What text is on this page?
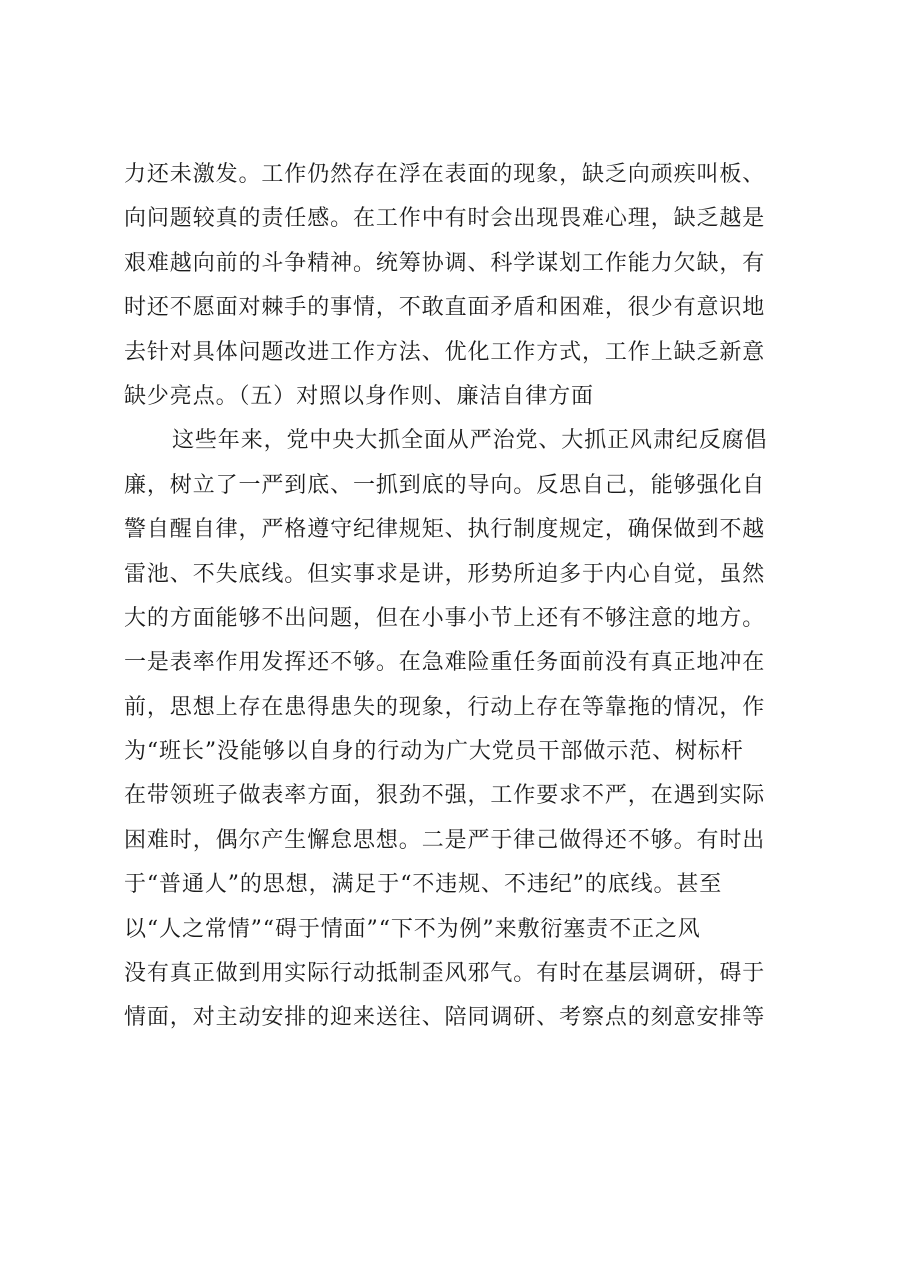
力还未激发。工作仍然存在浮在表面的现象，缺乏向顽疾叫板、
向问题较真的责任感。在工作中有时会出现畏难心理，缺乏越是
艰难越向前的斗争精神。统筹协调、科学谋划工作能力欠缺，有
时还不愿面对棘手的事情，不敢直面矛盾和困难，很少有意识地
去针对具体问题改进工作方法、优化工作方式，工作上缺乏新意
缺少亮点。（五）对照以身作则、廉洁自律方面
这些年来，党中央大抓全面从严治党、大抓正风肃纪反腐倡
廉，树立了一严到底、一抓到底的导向。反思自己，能够强化自
警自醒自律，严格遵守纪律规矩、执行制度规定，确保做到不越
雷池、不失底线。但实事求是讲，形势所迫多于内心自觉，虽然
大的方面能够不出问题，但在小事小节上还有不够注意的地方。
一是表率作用发挥还不够。在急难险重任务面前没有真正地冲在
前，思想上存在患得患失的现象，行动上存在等靠拖的情况，作
为“班长”没能够以自身的行动为广大党员干部做示范、树标杆
在带领班子做表率方面，狠劲不强，工作要求不严，在遇到实际
困难时，偶尔产生懈怠思想。二是严于律己做得还不够。有时出
于“普通人”的思想，满足于“不违规、不违纪”的底线。甚至
以“人之常情”“碍于情面”“下不为例”来敷衍塞责不正之风
没有真正做到用实际行动抵制歪风邪气。有时在基层调研，碍于
情面，对主动安排的迎来送往、陪同调研、考察点的刻意安排等
